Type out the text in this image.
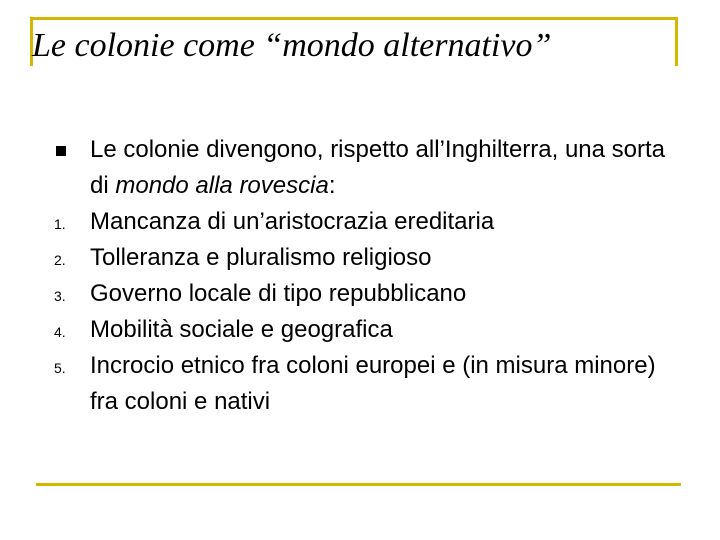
Le colonie come “mondo alternativo”
Le colonie divengono, rispetto all’Inghilterra, una sorta di mondo alla rovescia:
1. Mancanza di un’aristocrazia ereditaria
2. Tolleranza e pluralismo religioso
3. Governo locale di tipo repubblicano
4. Mobilità sociale e geografica
5. Incrocio etnico fra coloni europei e (in misura minore) fra coloni e nativi
